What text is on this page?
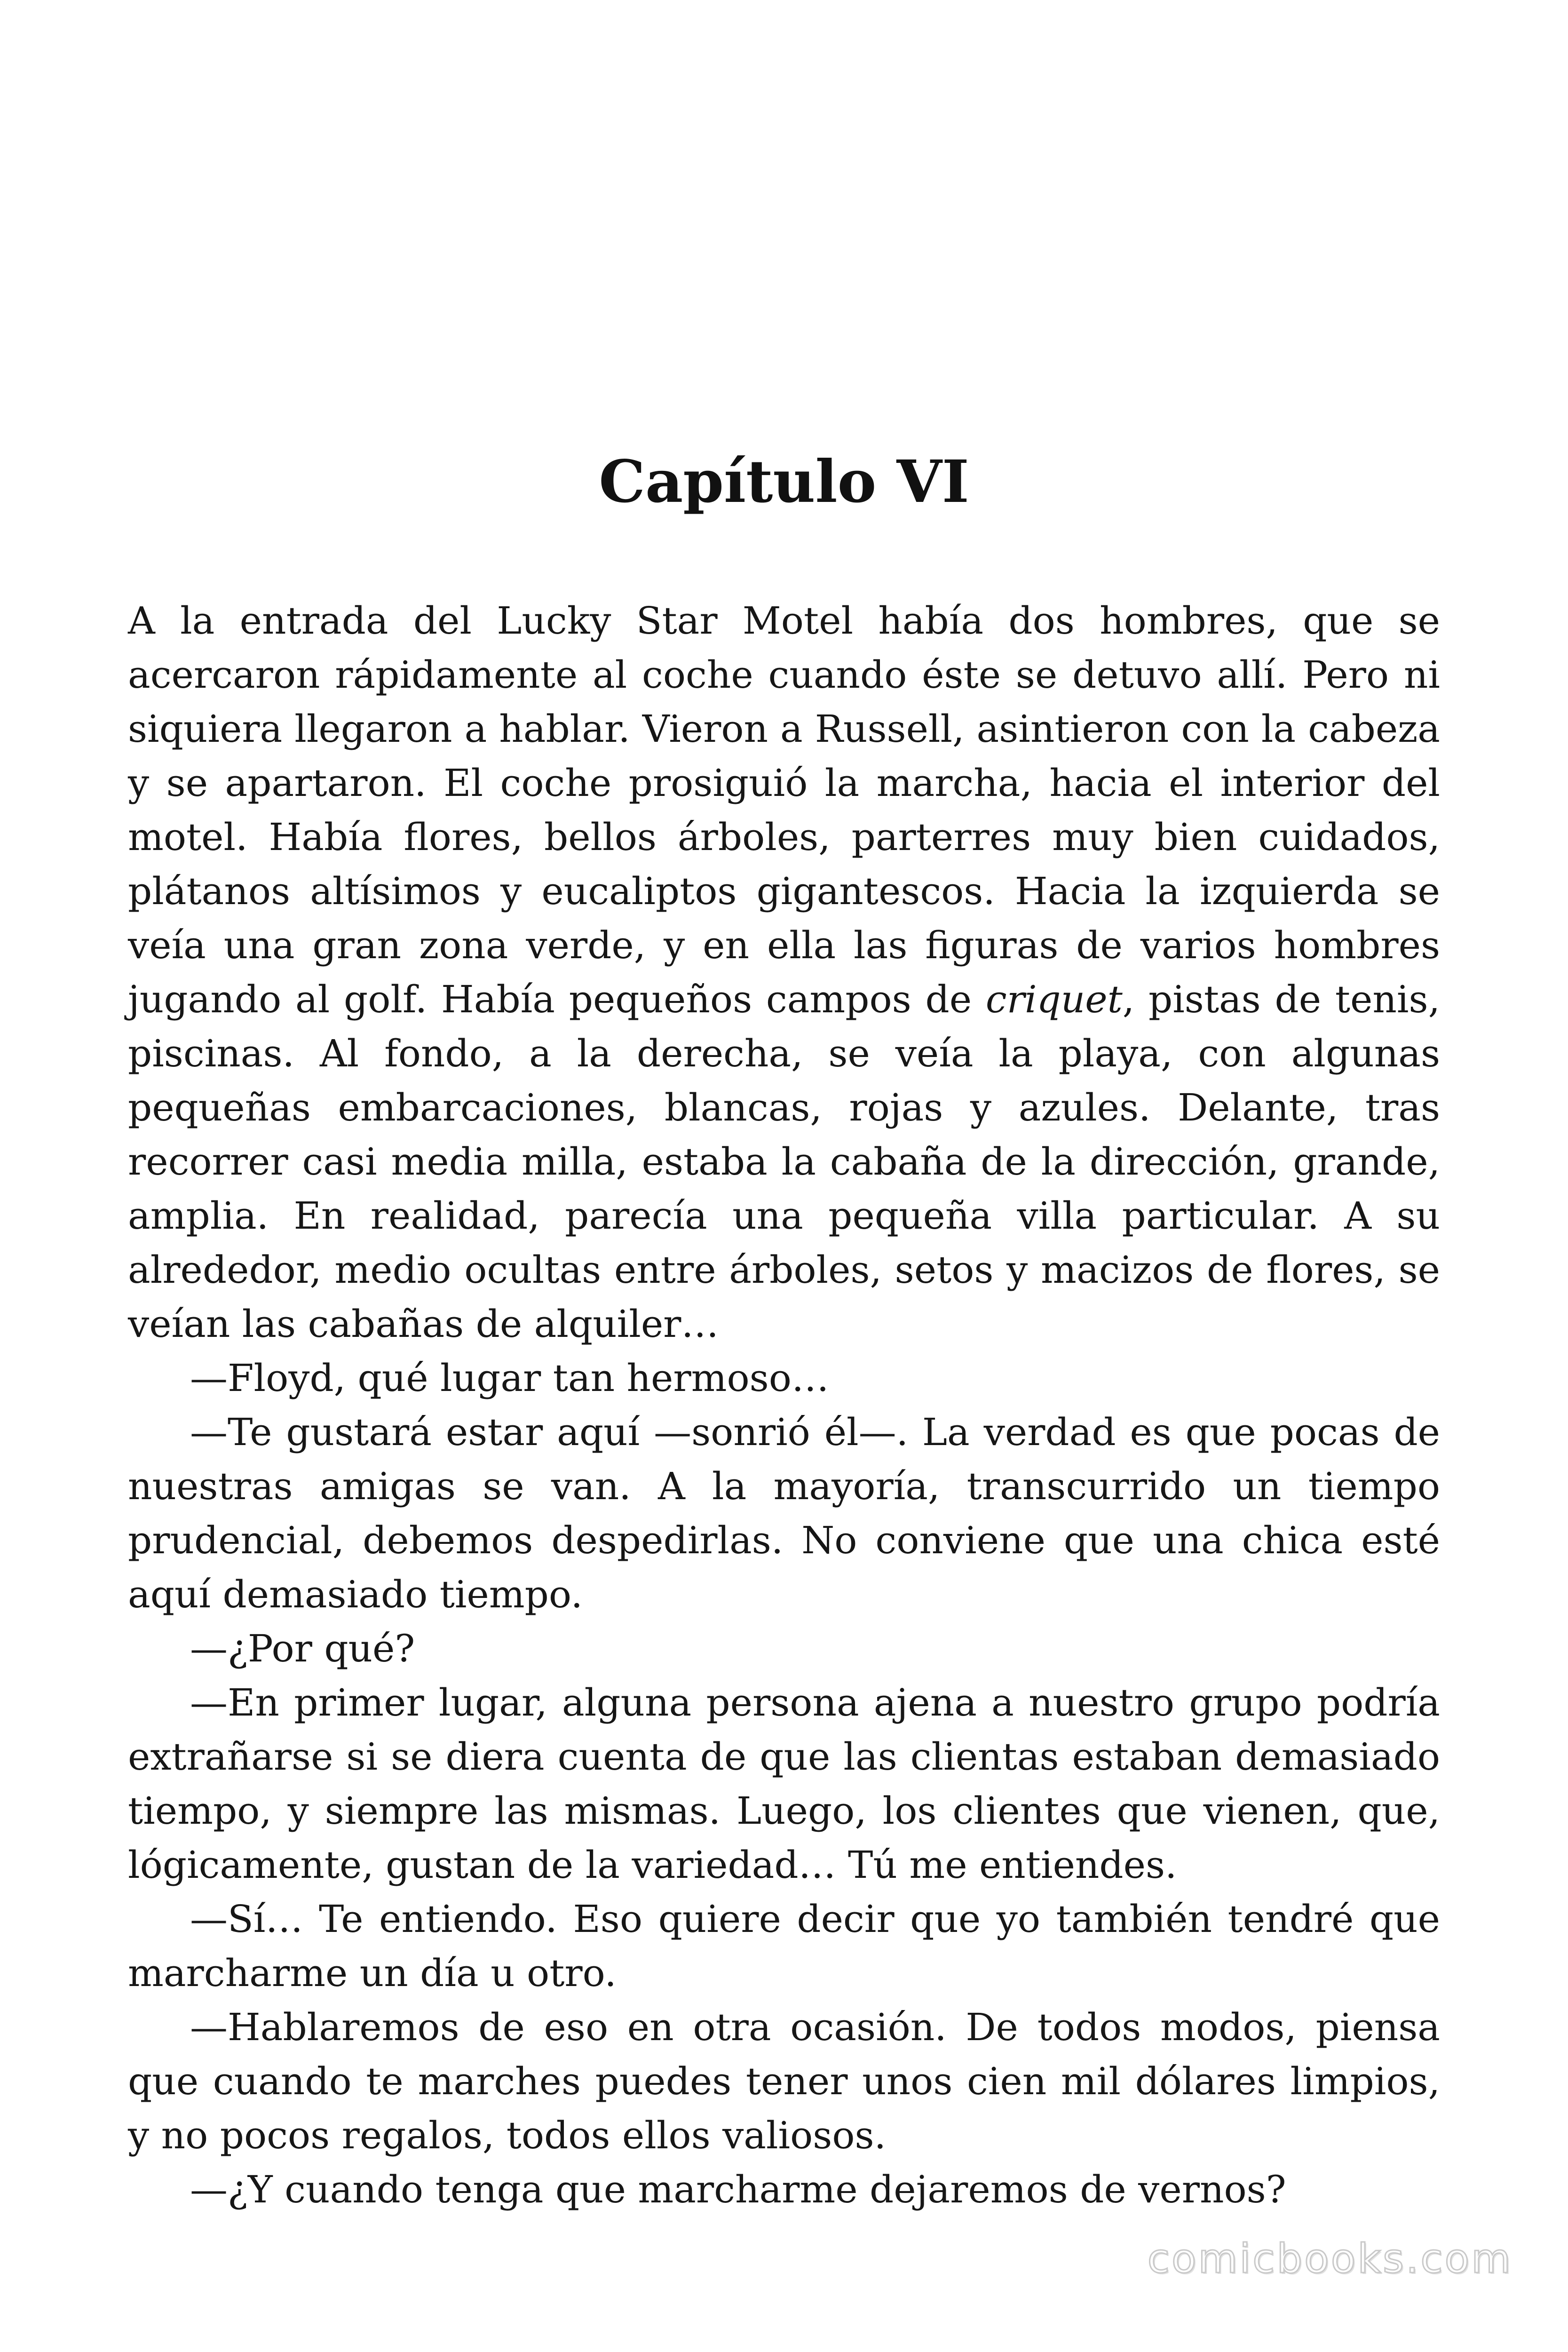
Capítulo VI

A la entrada del Lucky Star Motel había dos hombres, que se acercaron rápidamente al coche cuando éste se detuvo allí. Pero ni siquiera llegaron a hablar. Vieron a Russell, asintieron con la cabeza y se apartaron. El coche prosiguió la marcha, hacia el interior del motel. Había flores, bellos árboles, parterres muy bien cuidados, plátanos altísimos y eucaliptos gigantescos. Hacia la izquierda se veía una gran zona verde, y en ella las figuras de varios hombres jugando al golf. Había pequeños campos de criquet, pistas de tenis, piscinas. Al fondo, a la derecha, se veía la playa, con algunas pequeñas embarcaciones, blancas, rojas y azules. Delante, tras recorrer casi media milla, estaba la cabaña de la dirección, grande, amplia. En realidad, parecía una pequeña villa particular. A su alrededor, medio ocultas entre árboles, setos y macizos de flores, se veían las cabañas de alquiler…

—Floyd, qué lugar tan hermoso…

—Te gustará estar aquí —sonrió él—. La verdad es que pocas de nuestras amigas se van. A la mayoría, transcurrido un tiempo prudencial, debemos despedirlas. No conviene que una chica esté aquí demasiado tiempo.

—¿Por qué?

—En primer lugar, alguna persona ajena a nuestro grupo podría extrañarse si se diera cuenta de que las clientas estaban demasiado tiempo, y siempre las mismas. Luego, los clientes que vienen, que, lógicamente, gustan de la variedad… Tú me entiendes.

—Sí… Te entiendo. Eso quiere decir que yo también tendré que marcharme un día u otro.

—Hablaremos de eso en otra ocasión. De todos modos, piensa que cuando te marches puedes tener unos cien mil dólares limpios, y no pocos regalos, todos ellos valiosos.

—¿Y cuando tenga que marcharme dejaremos de vernos?

comicbooks.com
